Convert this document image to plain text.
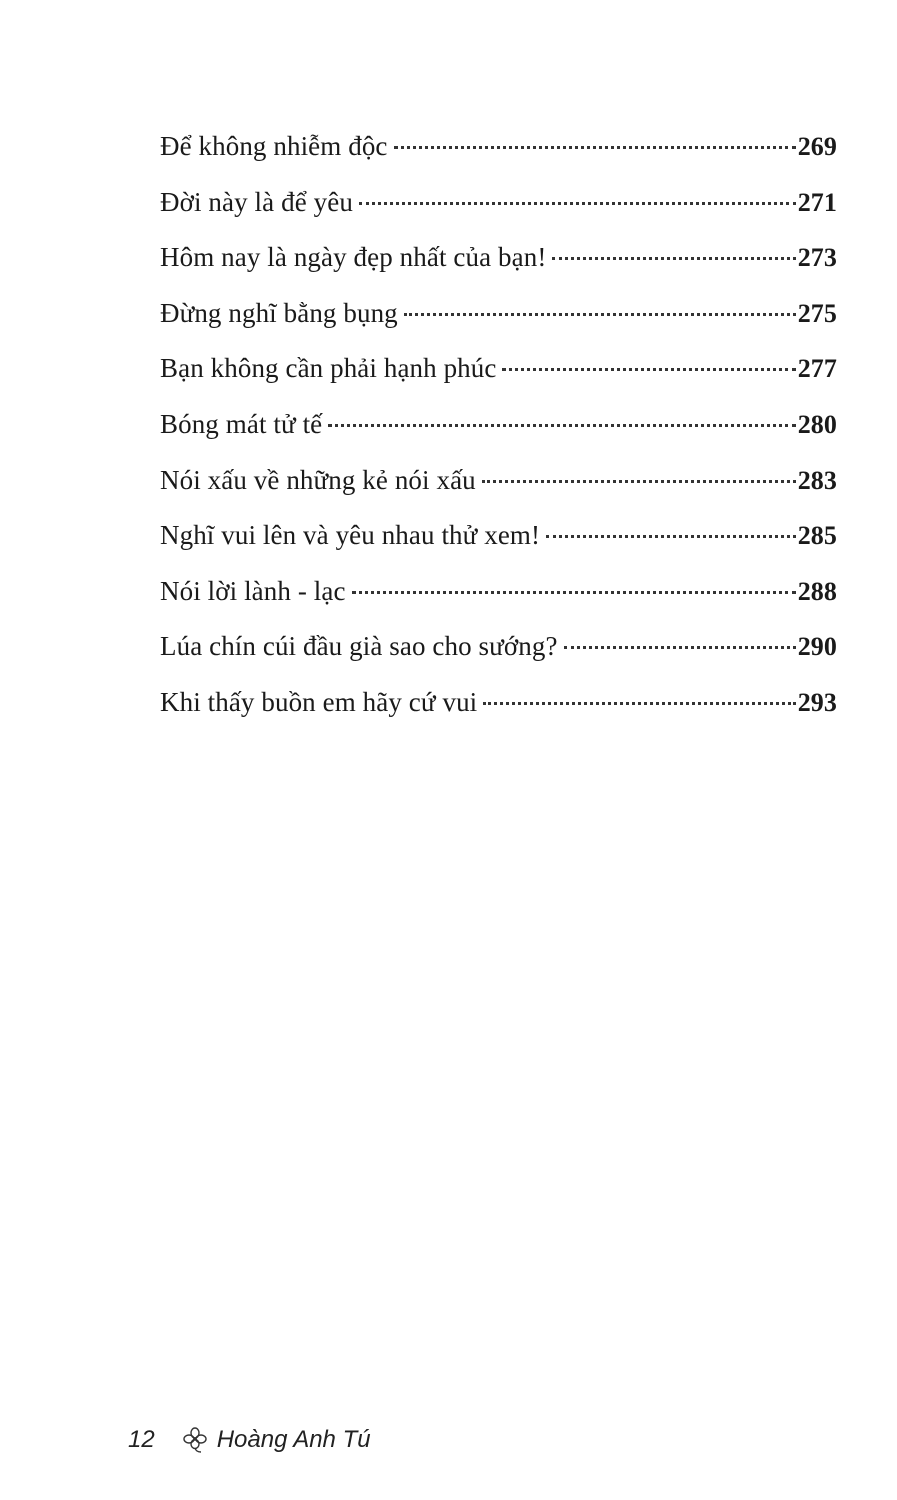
Để không nhiễm độc	269
Đời này là để yêu	271
Hôm nay là ngày đẹp nhất của bạn!	273
Đừng nghĩ bằng bụng	275
Bạn không cần phải hạnh phúc	277
Bóng mát tử tế	280
Nói xấu về những kẻ nói xấu	283
Nghĩ vui lên và yêu nhau thử xem!	285
Nói lời lành - lạc	288
Lúa chín cúi đầu già sao cho sướng?	290
Khi thấy buồn em hãy cứ vui	293
12	Hoàng Anh Tú
